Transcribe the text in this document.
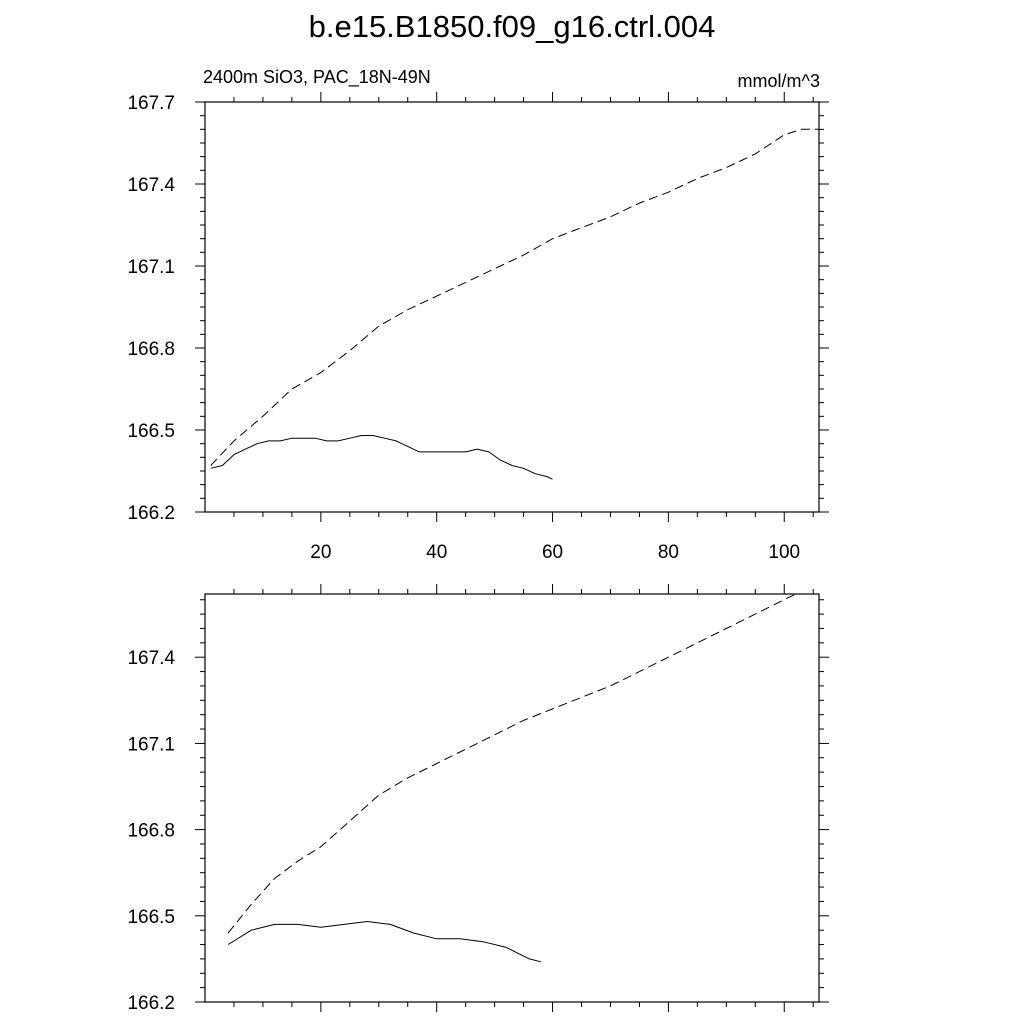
b.e15.B1850.f09_g16.ctrl.004
2400m SiO3, PAC_18N-49N	mmol/m^3
20	40	60	80	100
166.2
166.5
166.8
167.1
167.4
167.7
166.2
166.5
166.8
167.1
167.4
